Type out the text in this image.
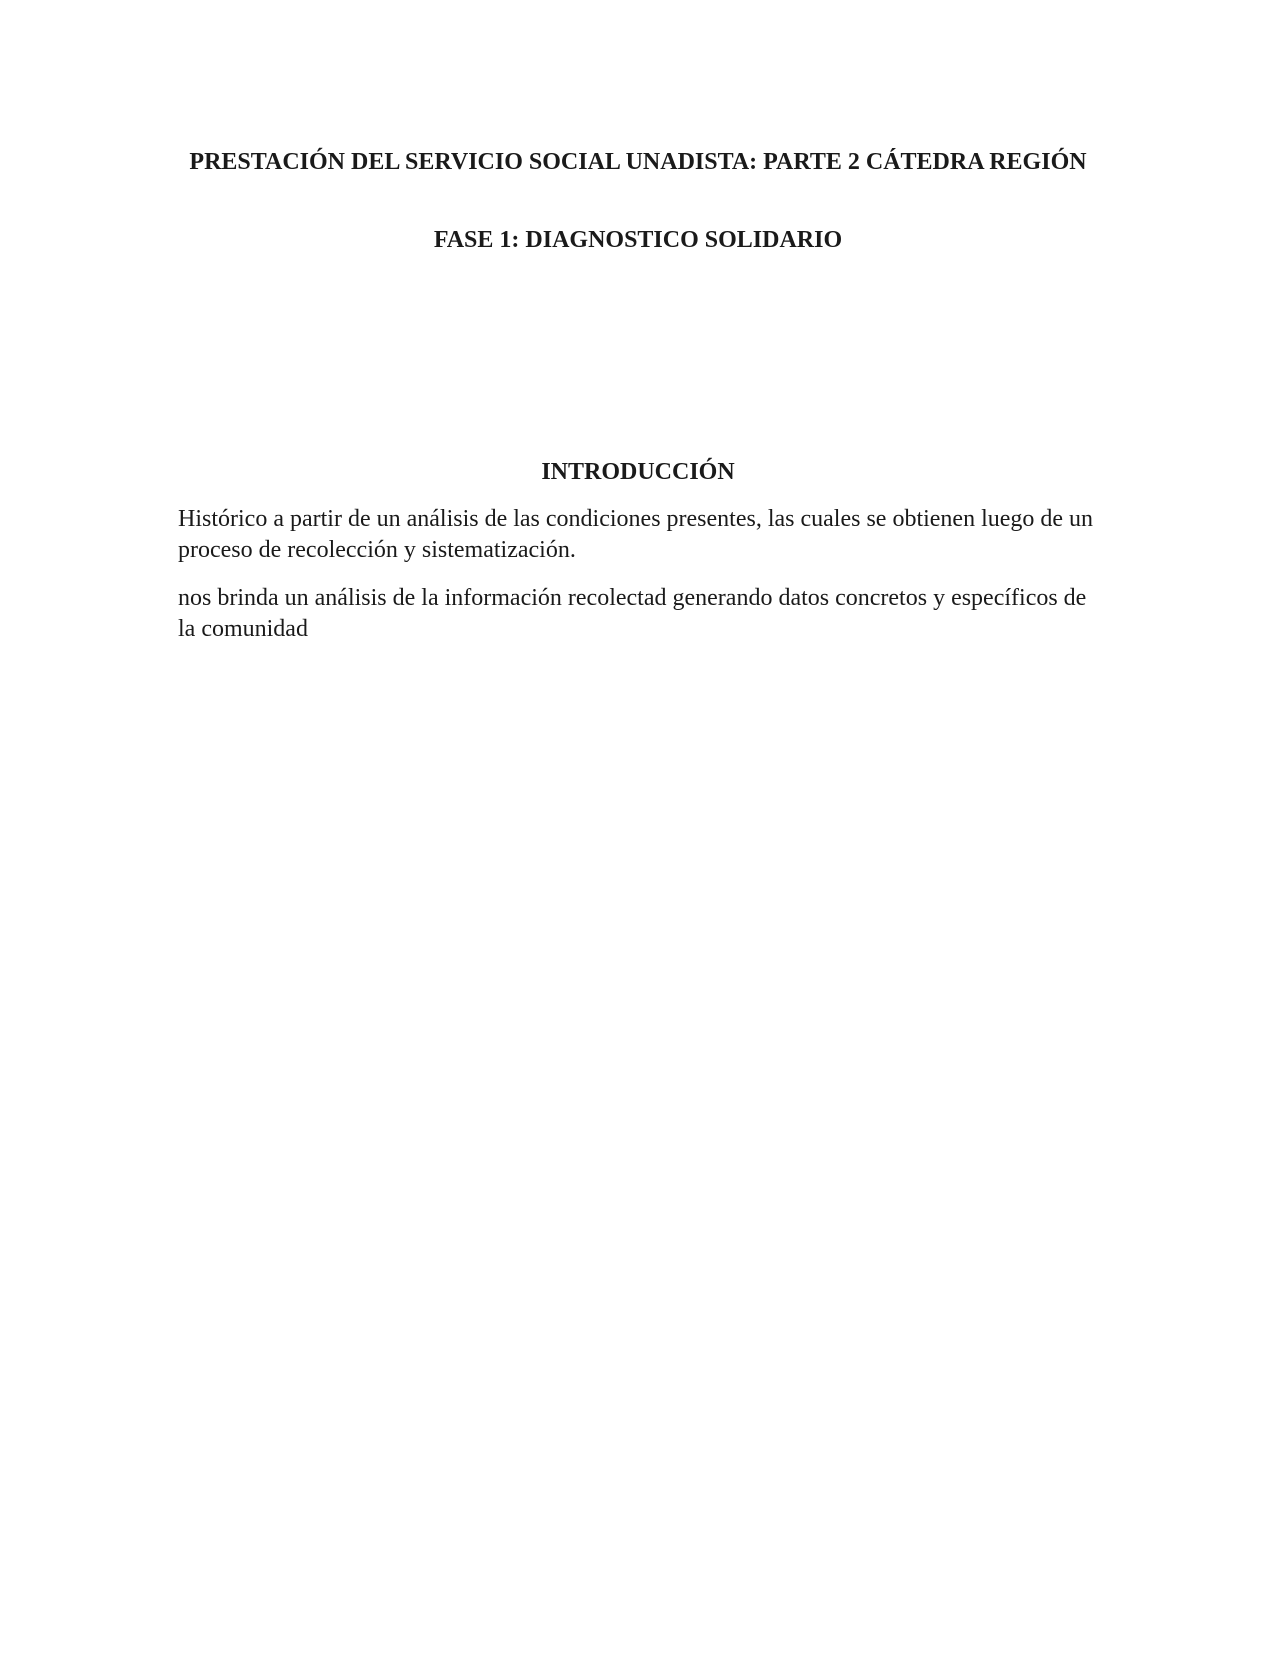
PRESTACIÓN DEL SERVICIO SOCIAL UNADISTA: PARTE 2 CÁTEDRA REGIÓN
FASE 1: DIAGNOSTICO SOLIDARIO
INTRODUCCIÓN

Histórico a partir de un análisis de las condiciones presentes, las cuales se obtienen luego de un proceso de recolección y sistematización.

nos brinda un análisis de la información recolectad generando datos concretos y específicos de la comunidad
